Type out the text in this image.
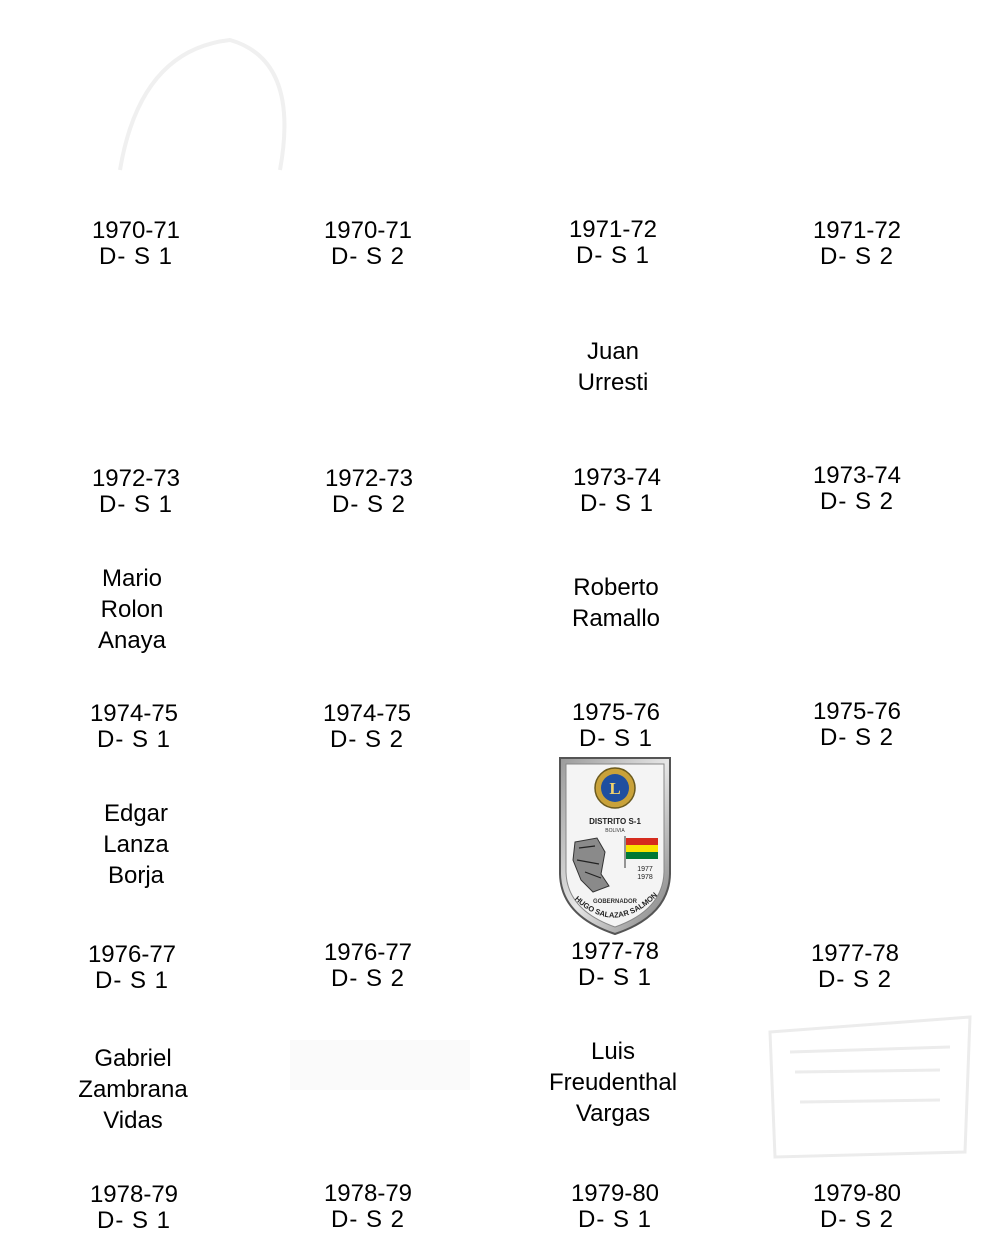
1970-71
D- S 1
1970-71
D- S 2
1971-72
D- S 1
1971-72
D- S 2
Juan
Urresti
1972-73
D- S 1
1972-73
D- S 2
1973-74
D- S 1
1973-74
D- S 2
Mario
Rolon
Anaya
Roberto
Ramallo
1974-75
D- S 1
1974-75
D- S 2
1975-76
D- S 1
1975-76
D- S 2
Edgar
Lanza
Borja
L
DISTRITO S-1
BOLIVIA
1977
1978
GOBERNADOR
HUGO SALAZAR SALMON
1976-77
D- S 1
1976-77
D- S 2
1977-78
D- S 1
1977-78
D- S 2
Gabriel
Zambrana
Vidas
Luis
Freudenthal
Vargas
1978-79
D- S 1
1978-79
D- S 2
1979-80
D- S 1
1979-80
D- S 2
